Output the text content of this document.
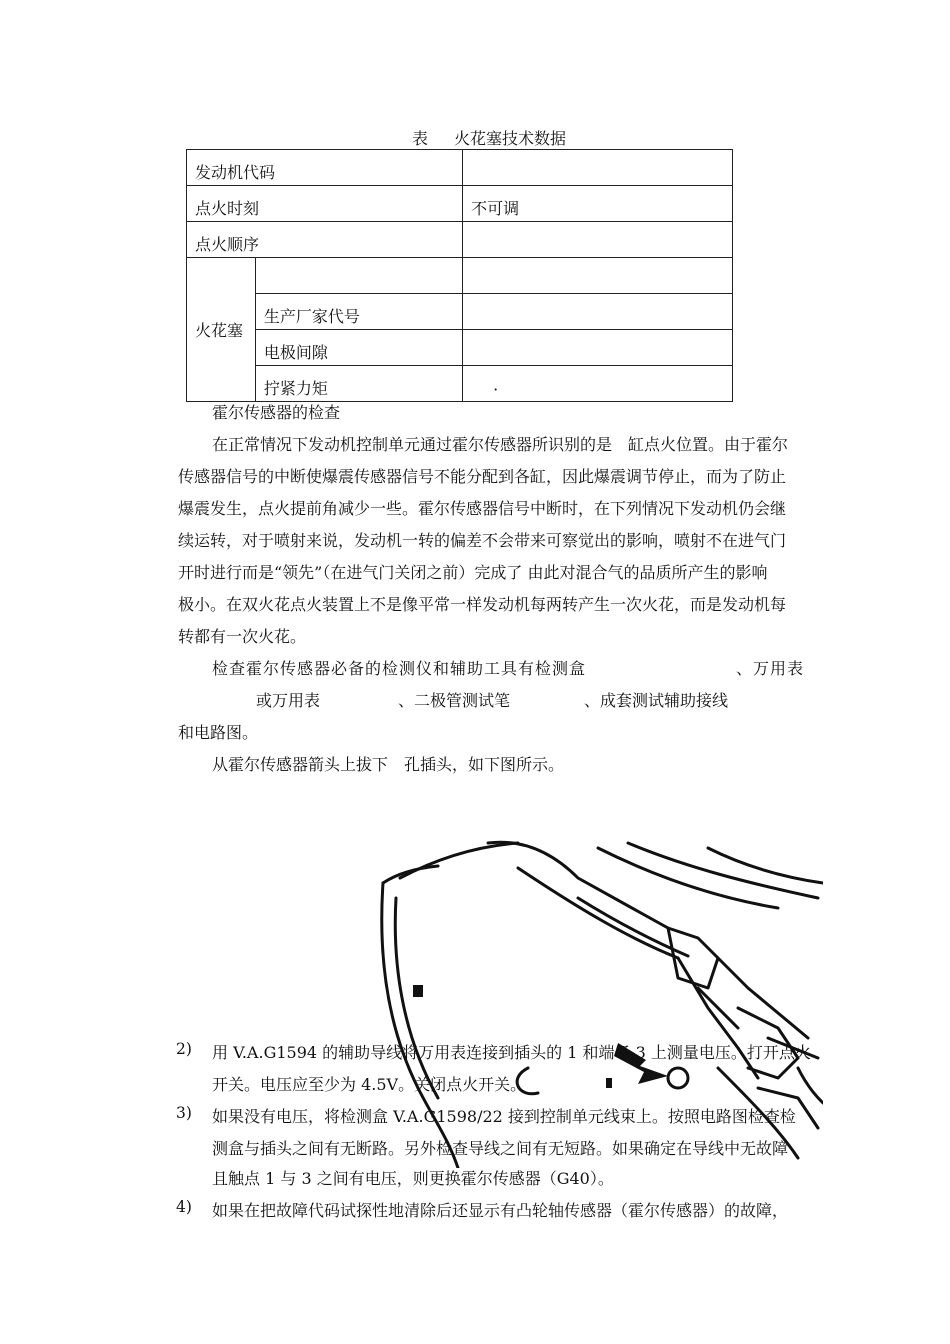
表 火花塞技术数据
发动机代码		
点火时刻		不可调
点火顺序		
火花塞		
	生产厂家代号	
	电极间隙	
	拧紧力矩	·
霍尔传感器的检查
在正常情况下发动机控制单元通过霍尔传感器所识别的是　缸点火位置。由于霍尔
传感器信号的中断使爆震传感器信号不能分配到各缸，因此爆震调节停止，而为了防止
爆震发生，点火提前角减少一些。霍尔传感器信号中断时，在下列情况下发动机仍会继
续运转，对于喷射来说，发动机一转的偏差不会带来可察觉出的影响，喷射不在进气门
开时进行而是“领先”（在进气门关闭之前）完成了 由此对混合气的品质所产生的影响
极小。在双火花点火装置上不是像平常一样发动机每两转产生一次火花，而是发动机每
转都有一次火花。
检查霍尔传感器必备的检测仪和辅助工具有检测盒	、万用表
或万用表	、二极管测试笔	、成套测试辅助接线
和电路图。
从霍尔传感器箭头上拔下　孔插头，如下图所示。
2) 用 V.A.G1594 的辅助导线将万用表连接到插头的 1 和端子 3 上测量电压。打开点火
开关。电压应至少为 4.5V。关闭点火开关。
3) 如果没有电压，将检测盒 V.A.G1598/22 接到控制单元线束上。按照电路图检查检
测盒与插头之间有无断路。另外检查导线之间有无短路。如果确定在导线中无故障
且触点 1 与 3 之间有电压，则更换霍尔传感器（G40）。
4) 如果在把故障代码试探性地清除后还显示有凸轮轴传感器（霍尔传感器）的故障，
